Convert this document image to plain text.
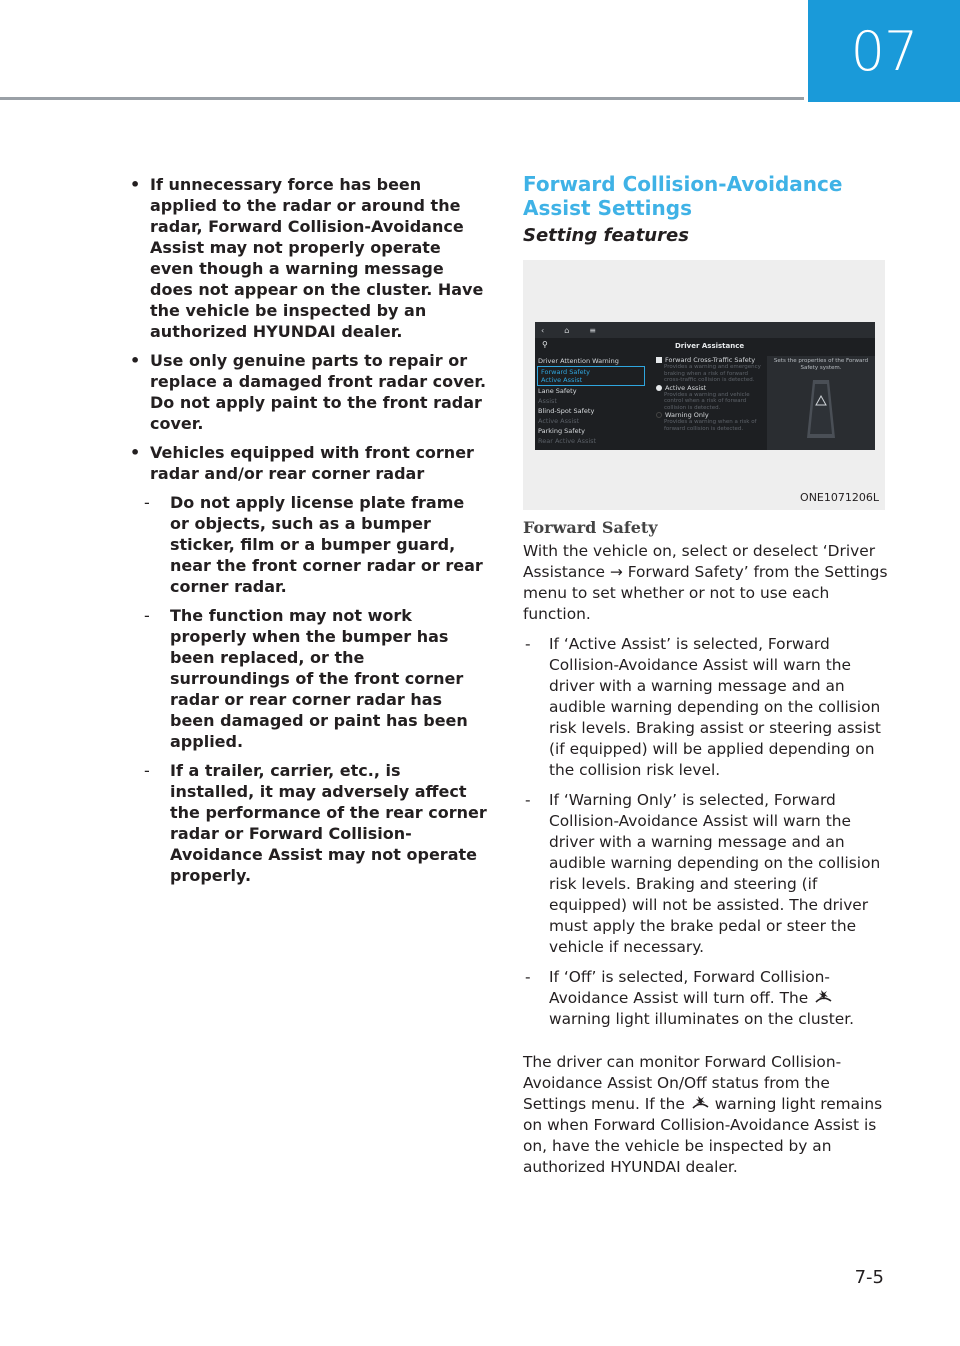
07
• If unnecessary force has been applied to the radar or around the radar, Forward Collision-Avoidance Assist may not properly operate even though a warning message does not appear on the cluster. Have the vehicle be inspected by an authorized HYUNDAI dealer.
• Use only genuine parts to repair or replace a damaged front radar cover. Do not apply paint to the front radar cover.
• Vehicles equipped with front corner radar and/or rear corner radar
- Do not apply license plate frame or objects, such as a bumper sticker, film or a bumper guard, near the front corner radar or rear corner radar.
- The function may not work properly when the bumper has been replaced, or the surroundings of the front corner radar or rear corner radar has been damaged or paint has been applied.
- If a trailer, carrier, etc., is installed, it may adversely affect the performance of the rear corner radar or Forward Collision-Avoidance Assist may not operate properly.
Forward Collision-Avoidance
Assist Settings
Setting features
‹	⌂	≡
⚲	Driver Assistance
Driver Attention Warning
Forward Safety
Active Assist
Lane Safety
Assist
Blind-Spot Safety
Active Assist
Parking Safety
Rear Active Assist
Forward Cross-Traffic Safety
Provides a warning and emergency braking when a risk of forward cross-traffic collision is detected.
Active Assist
Provides a warning and vehicle control when a risk of forward collision is detected.
Warning Only
Provides a warning when a risk of forward collision is detected.
Sets the properties of the Forward Safety system.
ONE1071206L
Forward Safety
With the vehicle on, select or deselect ‘Driver Assistance → Forward Safety’ from the Settings menu to set whether or not to use each function.
- If ‘Active Assist’ is selected, Forward Collision-Avoidance Assist will warn the driver with a warning message and an audible warning depending on the collision risk levels. Braking assist or steering assist (if equipped) will be applied depending on the collision risk level.
- If ‘Warning Only’ is selected, Forward Collision-Avoidance Assist will warn the driver with a warning message and an audible warning depending on the collision risk levels. Braking and steering (if equipped) will not be assisted. The driver must apply the brake pedal or steer the vehicle if necessary.
- If ‘Off’ is selected, Forward Collision-Avoidance Assist will turn off. The  warning light illuminates on the cluster.
The driver can monitor Forward Collision-Avoidance Assist On/Off status from the Settings menu. If the warning light remains on when Forward Collision-Avoidance Assist is on, have the vehicle be inspected by an authorized HYUNDAI dealer.
7-5
